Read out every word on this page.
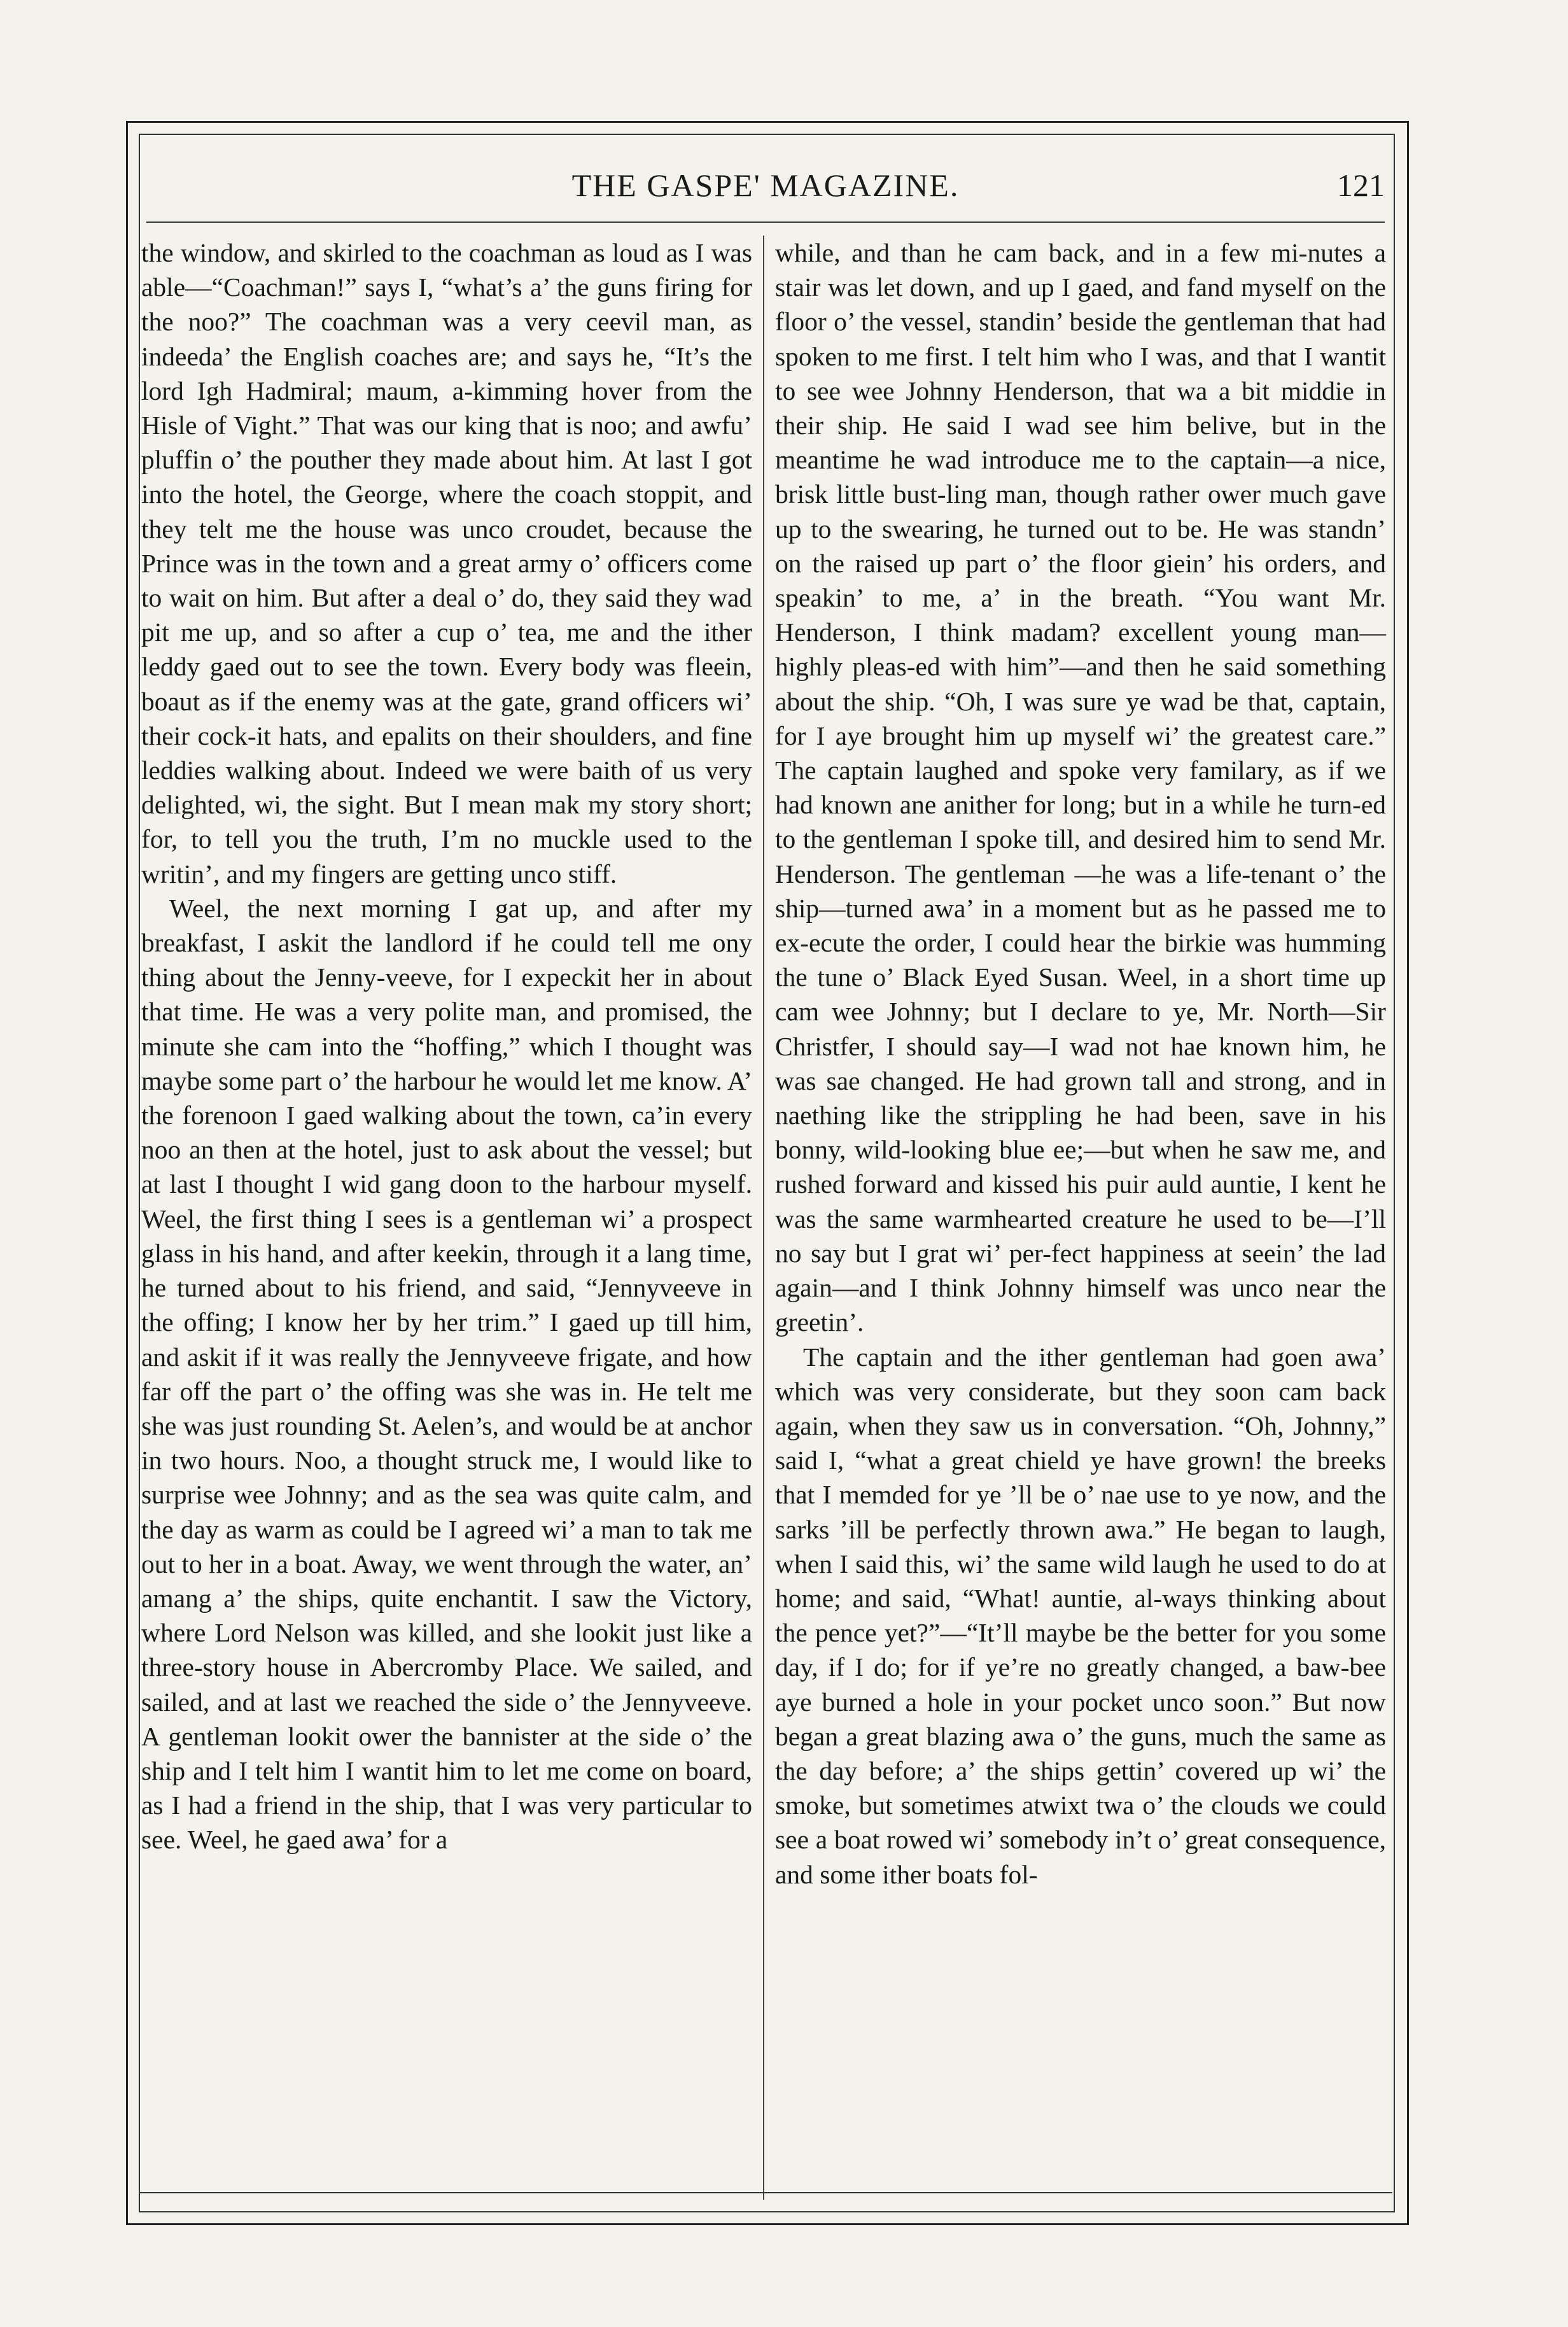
THE GASPE' MAGAZINE.	121

the window, and skirled to the coachman as loud as I was able—“Coachman!” says I, “what’s a’ the guns firing for the noo?” The coachman was a very ceevil man, as indeeda’ the English coaches are; and says he, “It’s the lord Igh Hadmiral; maum, a-kimming hover from the Hisle of Vight.” That was our king that is noo; and awfu’ pluffin o’ the pouther they made about him. At last I got into the hotel, the George, where the coach stoppit, and they telt me the house was unco croudet, because the Prince was in the town and a great army o’ officers come to wait on him. But after a deal o’ do, they said they wad pit me up, and so after a cup o’ tea, me and the ither leddy gaed out to see the town. Every body was fleein, boaut as if the enemy was at the gate, grand officers wi’ their cock-it hats, and epalits on their shoulders, and fine leddies walking about. Indeed we were baith of us very delighted, wi, the sight. But I mean mak my story short; for, to tell you the truth, I’m no muckle used to the writin’, and my fingers are getting unco stiff.

Weel, the next morning I gat up, and after my breakfast, I askit the landlord if he could tell me ony thing about the Jenny-veeve, for I expeckit her in about that time. He was a very polite man, and promised, the minute she cam into the “hoffing,” which I thought was maybe some part o’ the harbour he would let me know. A’ the forenoon I gaed walking about the town, ca’in every noo an then at the hotel, just to ask about the vessel; but at last I thought I wid gang doon to the harbour myself. Weel, the first thing I sees is a gentleman wi’ a prospect glass in his hand, and after keekin, through it a lang time, he turned about to his friend, and said, “Jennyveeve in the offing; I know her by her trim.” I gaed up till him, and askit if it was really the Jennyveeve frigate, and how far off the part o’ the offing was she was in. He telt me she was just rounding St. Aelen’s, and would be at anchor in two hours. Noo, a thought struck me, I would like to surprise wee Johnny; and as the sea was quite calm, and the day as warm as could be I agreed wi’ a man to tak me out to her in a boat. Away, we went through the water, an’ amang a’ the ships, quite enchantit. I saw the Victory, where Lord Nelson was killed, and she lookit just like a three-story house in Abercromby Place. We sailed, and sailed, and at last we reached the side o’ the Jennyveeve. A gentleman lookit ower the bannister at the side o’ the ship and I telt him I wantit him to let me come on board, as I had a friend in the ship, that I was very particular to see. Weel, he gaed awa’ for a

while, and than he cam back, and in a few mi-nutes a stair was let down, and up I gaed, and fand myself on the floor o’ the vessel, standin’ beside the gentleman that had spoken to me first. I telt him who I was, and that I wantit to see wee Johnny Henderson, that wa a bit middie in their ship. He said I wad see him belive, but in the meantime he wad introduce me to the captain—a nice, brisk little bust-ling man, though rather ower much gave up to the swearing, he turned out to be. He was standn’ on the raised up part o’ the floor giein’ his orders, and speakin’ to me, a’ in the breath. “You want Mr. Henderson, I think madam? excellent young man—highly pleas-ed with him”—and then he said something about the ship. “Oh, I was sure ye wad be that, captain, for I aye brought him up myself wi’ the greatest care.” The captain laughed and spoke very familary, as if we had known ane anither for long; but in a while he turn-ed to the gentleman I spoke till, and desired him to send Mr. Henderson. The gentleman —he was a life-tenant o’ the ship—turned awa’ in a moment but as he passed me to ex-ecute the order, I could hear the birkie was humming the tune o’ Black Eyed Susan. Weel, in a short time up cam wee Johnny; but I declare to ye, Mr. North—Sir Christfer, I should say—I wad not hae known him, he was sae changed. He had grown tall and strong, and in naething like the strippling he had been, save in his bonny, wild-looking blue ee;—but when he saw me, and rushed forward and kissed his puir auld auntie, I kent he was the same warmhearted creature he used to be—I’ll no say but I grat wi’ per-fect happiness at seein’ the lad again—and I think Johnny himself was unco near the greetin’.

The captain and the ither gentleman had goen awa’ which was very considerate, but they soon cam back again, when they saw us in conversation. “Oh, Johnny,” said I, “what a great chield ye have grown! the breeks that I memded for ye ’ll be o’ nae use to ye now, and the sarks ’ill be perfectly thrown awa.” He began to laugh, when I said this, wi’ the same wild laugh he used to do at home; and said, “What! auntie, al-ways thinking about the pence yet?”—“It’ll maybe be the better for you some day, if I do; for if ye’re no greatly changed, a baw-bee aye burned a hole in your pocket unco soon.” But now began a great blazing awa o’ the guns, much the same as the day before; a’ the ships gettin’ covered up wi’ the smoke, but sometimes atwixt twa o’ the clouds we could see a boat rowed wi’ somebody in’t o’ great consequence, and some ither boats fol-
